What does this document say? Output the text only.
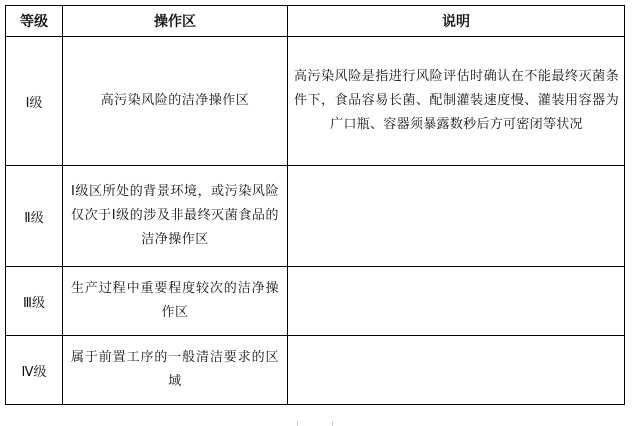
等级	操作区	说明
Ⅰ级	高污染风险的洁净操作区	高污染风险是指进行风险评估时确认在不能最终灭菌条件下，食品容易长菌、配制灌装速度慢、灌装用容器为广口瓶、容器须暴露数秒后方可密闭等状况
Ⅱ级	Ⅰ级区所处的背景环境，或污染风险仅次于Ⅰ级的涉及非最终灭菌食品的洁净操作区	
Ⅲ级	生产过程中重要程度较次的洁净操作区	
Ⅳ级	属于前置工序的一般清洁要求的区域	
